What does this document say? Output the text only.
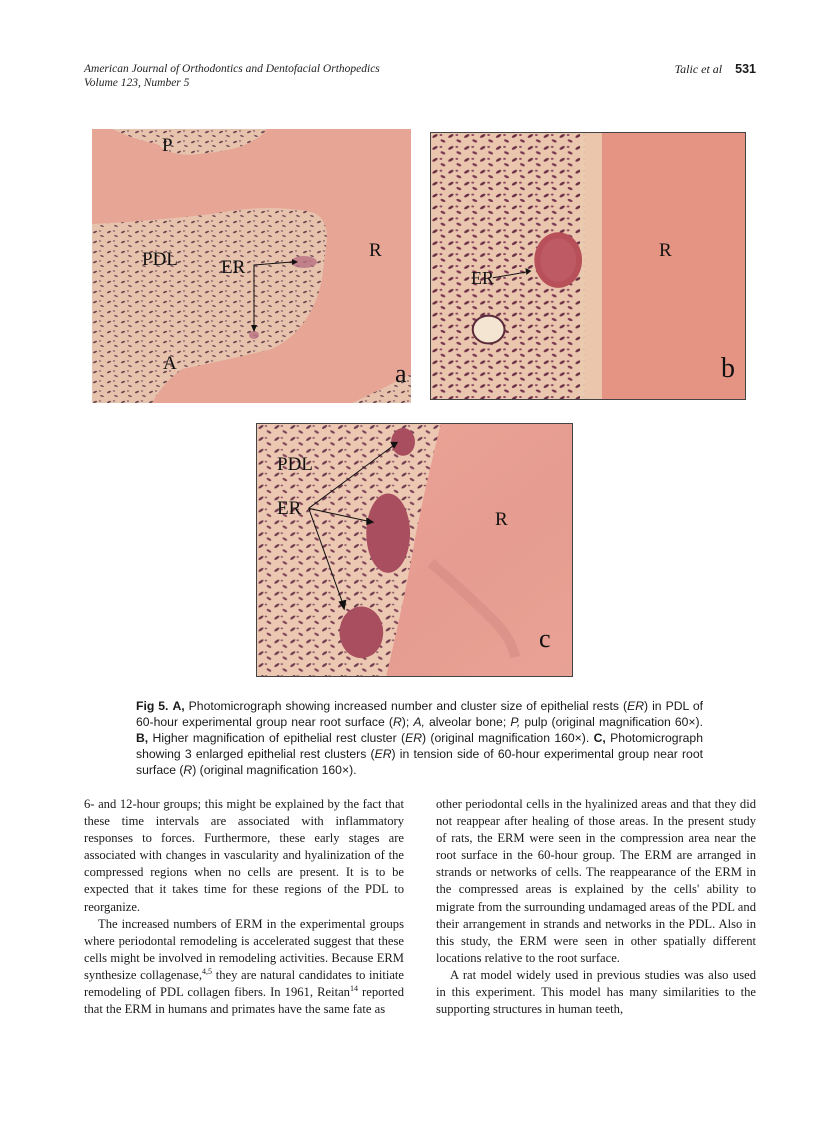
American Journal of Orthodontics and Dentofacial Orthopedics
Volume 123, Number 5
Talic et al 531
P
PDL ER
R
A	a
ER
R
b
PDL
ER
R
c
Fig 5. A, Photomicrograph showing increased number and cluster size of epithelial rests (ER) in PDL of 60-hour experimental group near root surface (R); A, alveolar bone; P, pulp (original magnification 60×). B, Higher magnification of epithelial rest cluster (ER) (original magnification 160×). C, Photomicrograph showing 3 enlarged epithelial rest clusters (ER) in tension side of 60-hour experimental group near root surface (R) (original magnification 160×).

6- and 12-hour groups; this might be explained by the fact that these time intervals are associated with inflammatory responses to forces. Furthermore, these early stages are associated with changes in vascularity and hyalinization of the compressed regions when no cells are present. It is to be expected that it takes time for these regions of the PDL to reorganize.

The increased numbers of ERM in the experimental groups where periodontal remodeling is accelerated suggest that these cells might be involved in remodeling activities. Because ERM synthesize collagenase,$^{4,5}$ they are natural candidates to initiate remodeling of PDL collagen fibers. In 1961, Reitan$^{14}$ reported that the ERM in humans and primates have the same fate as

other periodontal cells in the hyalinized areas and that they did not reappear after healing of those areas. In the present study of rats, the ERM were seen in the compression area near the root surface in the 60-hour group. The ERM are arranged in strands or networks of cells. The reappearance of the ERM in the compressed areas is explained by the cells' ability to migrate from the surrounding undamaged areas of the PDL and their arrangement in strands and networks in the PDL. Also in this study, the ERM were seen in other spatially different locations relative to the root surface.

A rat model widely used in previous studies was also used in this experiment. This model has many similarities to the supporting structures in human teeth,
